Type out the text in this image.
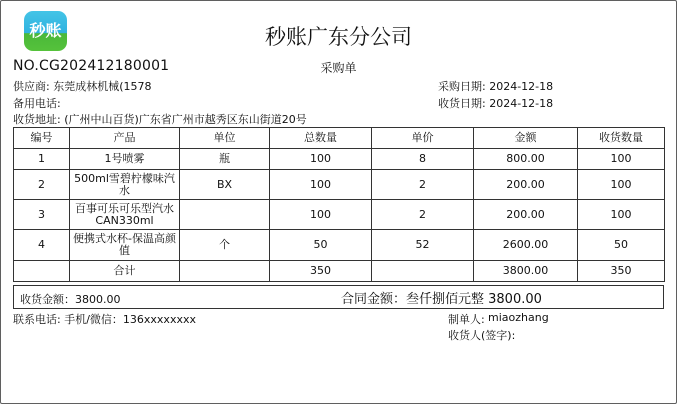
秒账	秒账广东分公司
NO.CG202412180001	采购单
供应商: 东莞成林机械(1578
备用电话:
收货地址: (广州中山百货)广东省广州市越秀区东山街道20号
采购日期: 2024-12-18
收货日期: 2024-12-18
编号	产品	单位	总数量	单价	金额	收货数量
1	1号喷雾	瓶	100	8	800.00	100
2	500ml雪碧柠檬味汽水	BX	100	2	200.00	100
3	百事可乐可乐型汽水CAN330ml		100	2	200.00	100
4	便携式水杯-保温高颜值	个	50	52	2600.00	50
	合计		350		3800.00	350
收货金额：3800.00	合同金额：叁仟捌佰元整 3800.00
联系电话: 手机/微信：136xxxxxxxx	制单人: miaozhang
收货人(签字):
